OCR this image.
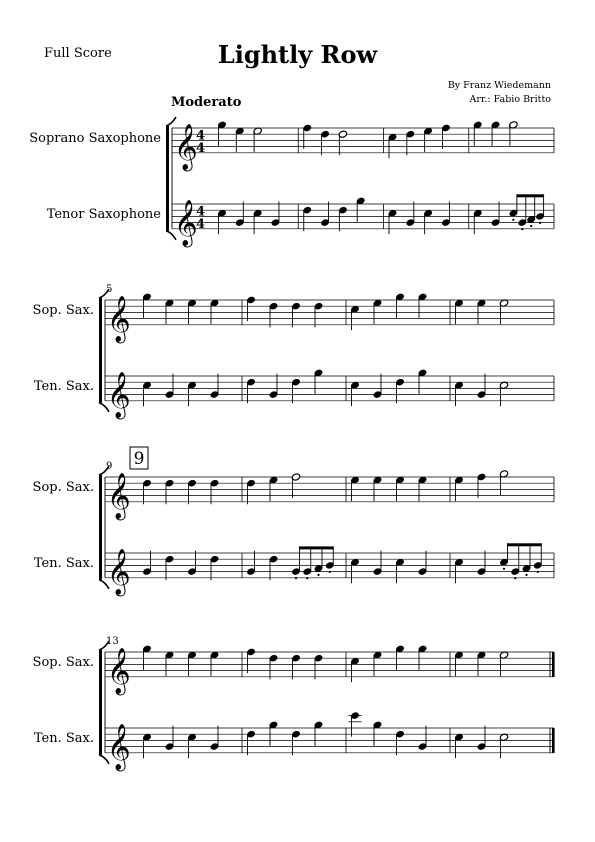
Full Score	Lightly Row
By Franz Wiedemann
Arr.: Fabio Britto
Moderato
Soprano Saxophone
Tenor Saxophone
Sop. Sax.
Ten. Sax.
Sop. Sax.
Ten. Sax.
Sop. Sax.
Ten. Sax.
𝄞
4
4
𝄞
4
4
𝄞
𝄞
5
𝄞
𝄞
9 9
𝄞
𝄞
13
